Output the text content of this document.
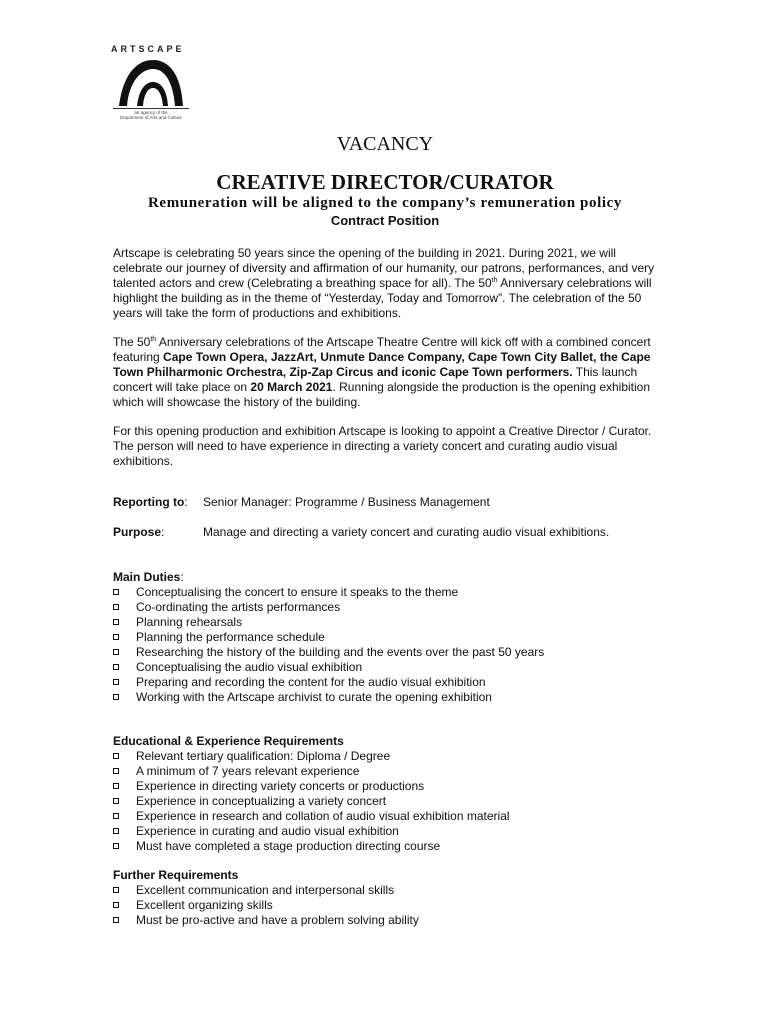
ARTSCAPE
an agency of the
Department of Arts and Culture
VACANCY
CREATIVE DIRECTOR/CURATOR
Remuneration will be aligned to the company’s remuneration policy
Contract Position

Artscape is celebrating 50 years since the opening of the building in 2021. During 2021, we will celebrate our journey of diversity and affirmation of our humanity, our patrons, performances, and very talented actors and crew (Celebrating a breathing space for all). The 50th Anniversary celebrations will highlight the building as in the theme of “Yesterday, Today and Tomorrow”. The celebration of the 50 years will take the form of productions and exhibitions.

The 50th Anniversary celebrations of the Artscape Theatre Centre will kick off with a combined concert featuring Cape Town Opera, JazzArt, Unmute Dance Company, Cape Town City Ballet, the Cape Town Philharmonic Orchestra, Zip-Zap Circus and iconic Cape Town performers. This launch concert will take place on 20 March 2021. Running alongside the production is the opening exhibition which will showcase the history of the building.

For this opening production and exhibition Artscape is looking to appoint a Creative Director / Curator. The person will need to have experience in directing a variety concert and curating audio visual exhibitions.

Reporting to: Senior Manager: Programme / Business Management
Purpose:	Manage and directing a variety concert and curating audio visual exhibitions.
Main Duties:
Conceptualising the concert to ensure it speaks to the theme
Co-ordinating the artists performances
Planning rehearsals
Planning the performance schedule
Researching the history of the building and the events over the past 50 years
Conceptualising the audio visual exhibition
Preparing and recording the content for the audio visual exhibition
Working with the Artscape archivist to curate the opening exhibition
Educational & Experience Requirements
Relevant tertiary qualification: Diploma / Degree
A minimum of 7 years relevant experience
Experience in directing variety concerts or productions
Experience in conceptualizing a variety concert
Experience in research and collation of audio visual exhibition material
Experience in curating and audio visual exhibition
Must have completed a stage production directing course
Further Requirements
Excellent communication and interpersonal skills
Excellent organizing skills
Must be pro-active and have a problem solving ability
